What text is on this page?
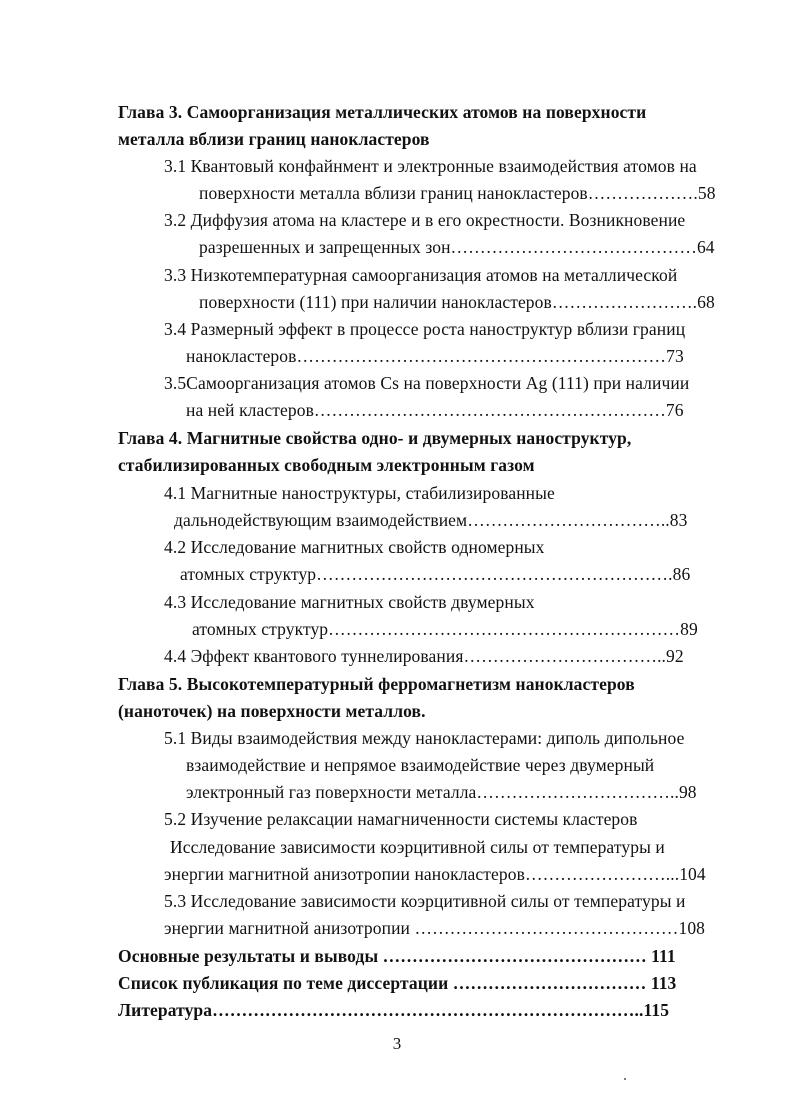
Глава 3. Самоорганизация металлических атомов на поверхности
металла вблизи границ нанокластеров
3.1 Квантовый конфайнмент и электронные взаимодействия атомов на
поверхности металла вблизи границ нанокластеров……………….58
3.2 Диффузия атома на кластере и в его окрестности. Возникновение
разрешенных и запрещенных зон……………………………………64
3.3 Низкотемпературная самоорганизация атомов на металлической
поверхности (111) при наличии нанокластеров…………………….68
3.4 Размерный эффект в процессе роста наноструктур вблизи границ
нанокластеров………………………………………………………73
3.5Самоорганизация атомов Cs на поверхности Ag (111) при наличии
на ней кластеров……………………………………………………76
Глава 4. Магнитные свойства одно- и двумерных наноструктур,
стабилизированных свободным электронным газом
4.1 Магнитные наноструктуры, стабилизированные
дальнодействующим взаимодействием……………………………..83
4.2 Исследование магнитных свойств одномерных
атомных структур…………………………………………………….86
4.3 Исследование магнитных свойств двумерных
атомных структур……………………………………………………89
4.4 Эффект квантового туннелирования……………………………..92
Глава 5. Высокотемпературный ферромагнетизм нанокластеров
(наноточек) на поверхности металлов.
5.1 Виды взаимодействия между нанокластерами: диполь дипольное
взаимодействие и непрямое взаимодействие через двумерный
электронный газ поверхности металла……………………………..98
5.2 Изучение релаксации намагниченности системы кластеров
Исследование зависимости коэрцитивной силы от температуры и
энергии магнитной анизотропии нанокластеров……………………...104
5.3 Исследование зависимости коэрцитивной силы от температуры и
энергии магнитной анизотропии ………………………………………108
Основные результаты и выводы ……………………………………… 111
Список публикация по теме диссертации …………………………… 113
Литература………………………………………………………………..115
3
